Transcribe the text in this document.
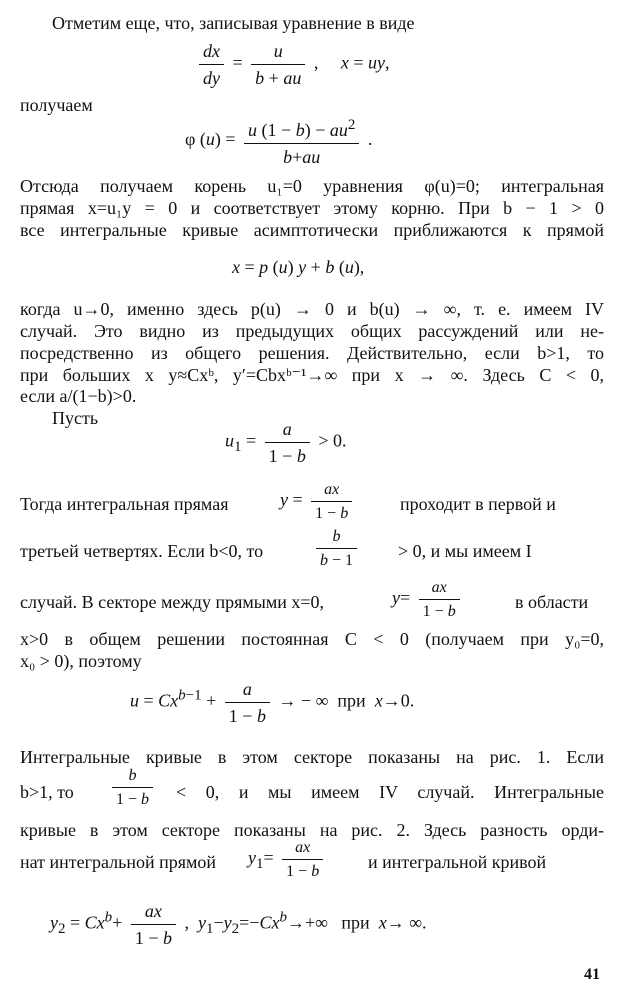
Отметим еще, что, записывая уравнение в виде
$\frac{dx}{dy} = \frac{u}{b + au}$ ,     x = uy,
получаем
φ $(u) = \frac{u (1 - b) - au^2}{b+au}$ .
Отсюда получаем корень u₁=0 уравнения φ(u)=0; интегральная
прямая x=u₁y = 0 и соответствует этому корню. При b − 1 > 0
все интегральные кривые асимптотически приближаются к прямой
x = p (u) y + b (u),
когда u→0, именно здесь p(u) → 0 и b(u) → ∞, т. е. имеем IV
случай. Это видно из предыдущих общих рассуждений или не-
посредственно из общего решения. Действительно, если b>1, то
при больших x y≈Cxᵇ, y′=Cbxᵇ⁻¹→∞ при x → ∞. Здесь C < 0,
если a/(1−b)>0.
Пусть
$u_1 = \frac{a}{1 - b} > 0$.
Тогда интегральная прямая	$y = \frac{ax}{1 - b}$	проходит в первой и
третьей четвертях. Если b<0, то	$\frac{b}{b - 1} > 0$, и мы имеем I
случай. В секторе между прямыми x=0,	$y= \frac{ax}{1 - b}$	в области
x>0 в общем решении постоянная C < 0 (получаем при y₀=0,
x₀ > 0), поэтому
$u = Cx^{b-1} + \frac{a}{1 - b}$ → − ∞  при  x→0.
Интегральные кривые в этом секторе показаны на рис. 1. Если
b>1, то $\frac{b}{1 - b} < 0$, и мы имеем IV случай. Интегральные
кривые в этом секторе показаны на рис. 2. Здесь разность орди-
нат интегральной прямой $y_1= \frac{ax}{1 - b}$ и интегральной кривой
$y_2 = Cx^b+ \frac{ax}{1 - b}$ ,  $y_1-y_2=-Cx^b\to+\infty$   при  x→ ∞.
41
